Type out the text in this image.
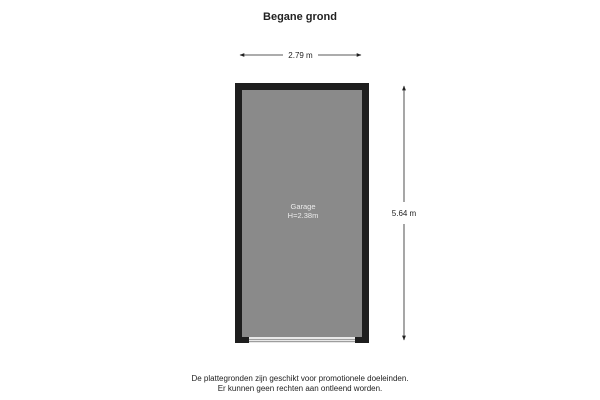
Begane grond
2.79 m
5.64 m
Garage
H=2.38m
De plattegronden zijn geschikt voor promotionele doeleinden.
Er kunnen geen rechten aan ontleend worden.
